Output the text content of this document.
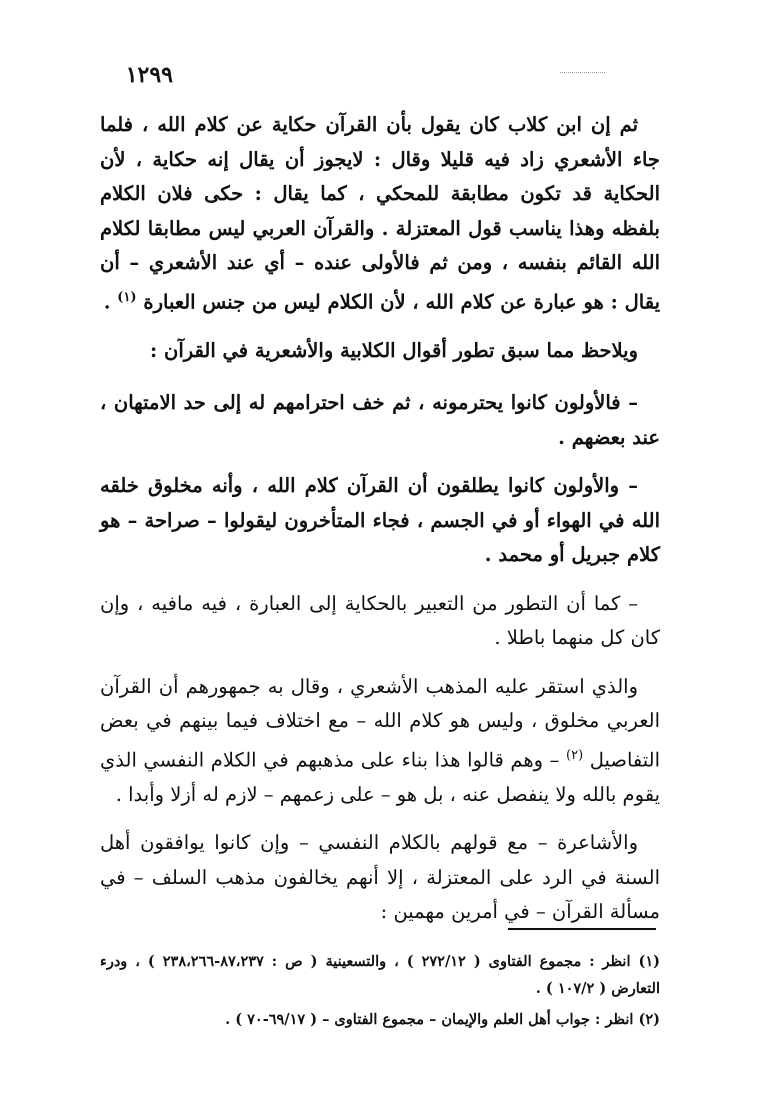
١٢٩٩

ثم إن ابن كلاب كان يقول بأن القرآن حكاية عن كلام الله ، فلما جاء الأشعري زاد فيه قليلا وقال : لايجوز أن يقال إنه حكاية ، لأن الحكاية قد تكون مطابقة للمحكي ، كما يقال : حكى فلان الكلام بلفظه وهذا يناسب قول المعتزلة . والقرآن العربي ليس مطابقا لكلام الله القائم بنفسه ، ومن ثم فالأولى عنده – أي عند الأشعري – أن يقال : هو عبارة عن كلام الله ، لأن الكلام ليس من جنس العبارة $^{(١)}$ .

ويلاحظ مما سبق تطور أقوال الكلابية والأشعرية في القرآن :

– فالأولون كانوا يحترمونه ، ثم خف احترامهم له إلى حد الامتهان ، عند بعضهم .

– والأولون كانوا يطلقون أن القرآن كلام الله ، وأنه مخلوق خلقه الله في الهواء أو في الجسم ، فجاء المتأخرون ليقولوا – صراحة – هو كلام جبريل أو محمد .

– كما أن التطور من التعبير بالحكاية إلى العبارة ، فيه مافيه ، وإن كان كل منهما باطلا .

والذي استقر عليه المذهب الأشعري ، وقال به جمهورهم أن القرآن العربي مخلوق ، وليس هو كلام الله – مع اختلاف فيما بينهم في بعض التفاصيل $^{(٢)}$ – وهم قالوا هذا بناء على مذهبهم في الكلام النفسي الذي يقوم بالله ولا ينفصل عنه ، بل هو – على زعمهم – لازم له أزلا وأبدا .

والأشاعرة – مع قولهم بالكلام النفسي – وإن كانوا يوافقون أهل السنة في الرد على المعتزلة ، إلا أنهم يخالفون مذهب السلف – في مسألة القرآن – في أمرين مهمين :

(١) انظر : مجموع الفتاوى ( ٢٧٢/١٢ ) ، والتسعينية ( ص : ٨٧،٢٣٧-٢٣٨،٢٦٦ ) ، ودرء التعارض ( ١٠٧/٢ ) .

(٢) انظر : جواب أهل العلم والإيمان – مجموع الفتاوى – ( ٦٩/١٧-٧٠ ) .
